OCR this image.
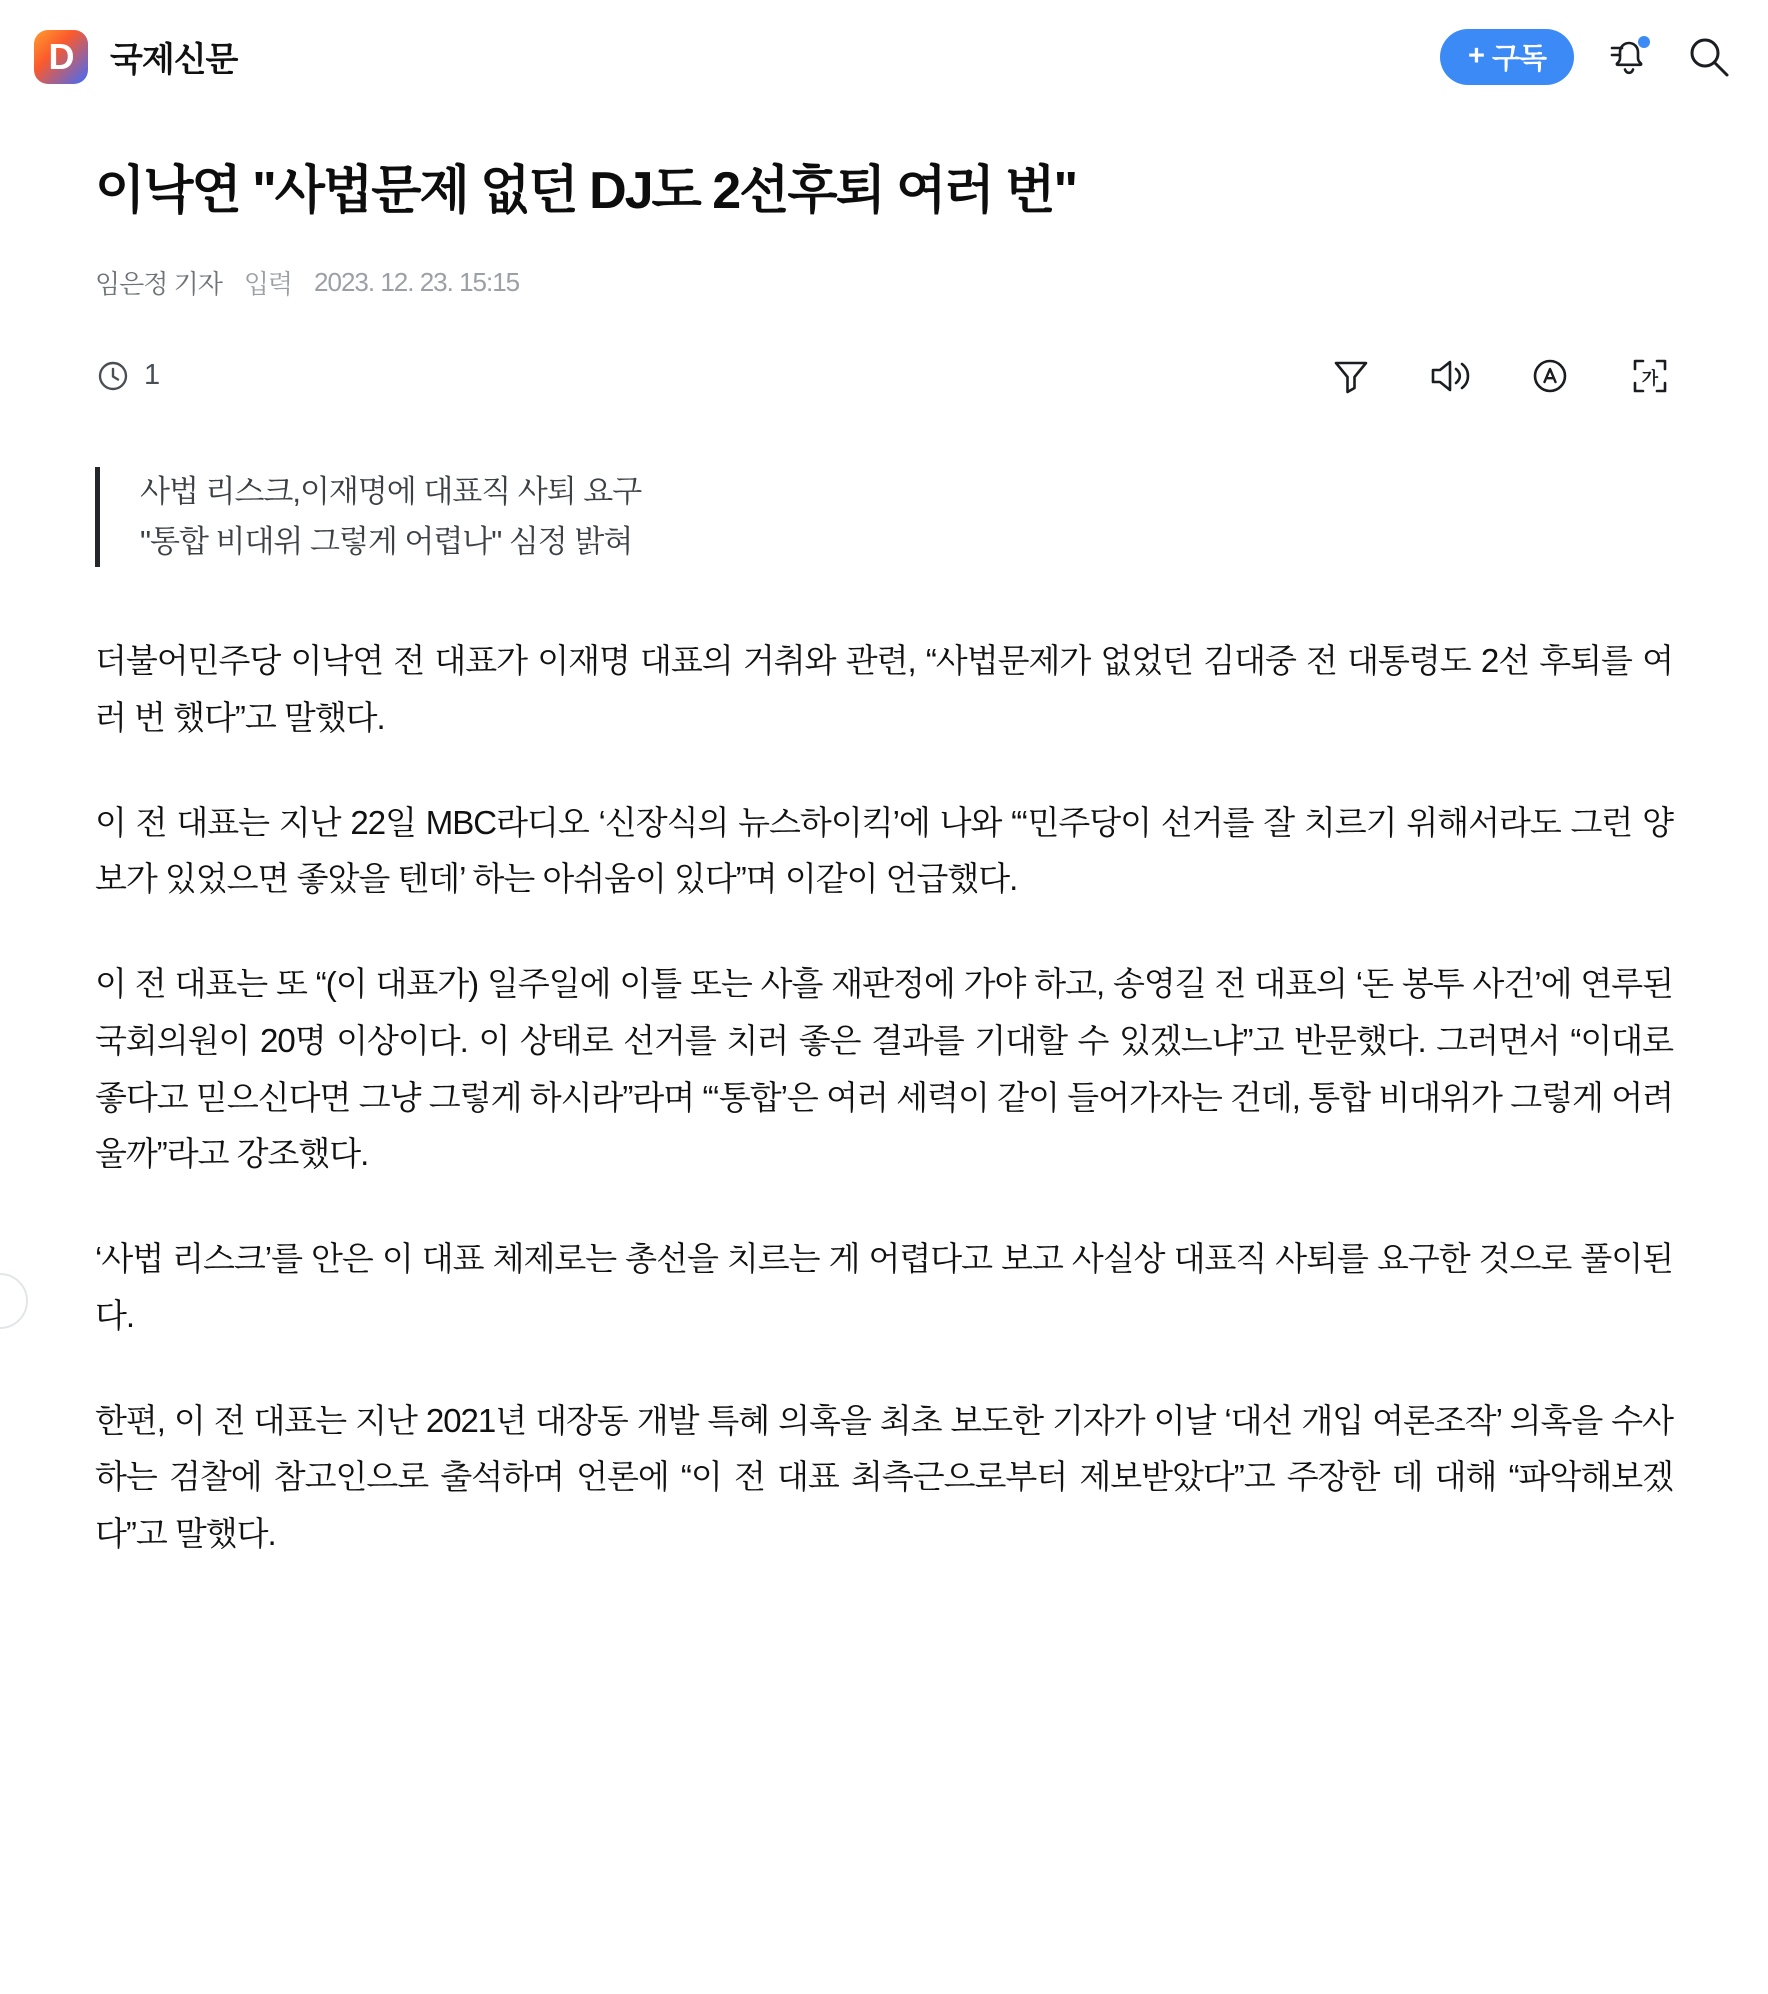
D 국제신문	+ 구독
이낙연 "사법문제 없던 DJ도 2선후퇴 여러 번"
임은정 기자 입력 2023. 12. 23. 15:15
1	가

사법 리스크,이재명에 대표직 사퇴 요구

"통합 비대위 그렇게 어렵나" 심정 밝혀

더불어민주당 이낙연 전 대표가 이재명 대표의 거취와 관련, “사법문제가 없었던 김대중 전 대통령도 2선 후퇴를 여러 번 했다”고 말했다.

이 전 대표는 지난 22일 MBC라디오 ‘신장식의 뉴스하이킥’에 나와 “‘민주당이 선거를 잘 치르기 위해서라도 그런 양보가 있었으면 좋았을 텐데’ 하는 아쉬움이 있다”며 이같이 언급했다.

이 전 대표는 또 “(이 대표가) 일주일에 이틀 또는 사흘 재판정에 가야 하고, 송영길 전 대표의 ‘돈 봉투 사건’에 연루된 국회의원이 20명 이상이다. 이 상태로 선거를 치러 좋은 결과를 기대할 수 있겠느냐”고 반문했다. 그러면서 “이대로 좋다고 믿으신다면 그냥 그렇게 하시라”라며 “‘통합’은 여러 세력이 같이 들어가자는 건데, 통합 비대위가 그렇게 어려울까”라고 강조했다.

‘사법 리스크’를 안은 이 대표 체제로는 총선을 치르는 게 어렵다고 보고 사실상 대표직 사퇴를 요구한 것으로 풀이된다.

한편, 이 전 대표는 지난 2021년 대장동 개발 특혜 의혹을 최초 보도한 기자가 이날 ‘대선 개입 여론조작’ 의혹을 수사하는 검찰에 참고인으로 출석하며 언론에 “이 전 대표 최측근으로부터 제보받았다”고 주장한 데 대해 “파악해보겠다”고 말했다.
